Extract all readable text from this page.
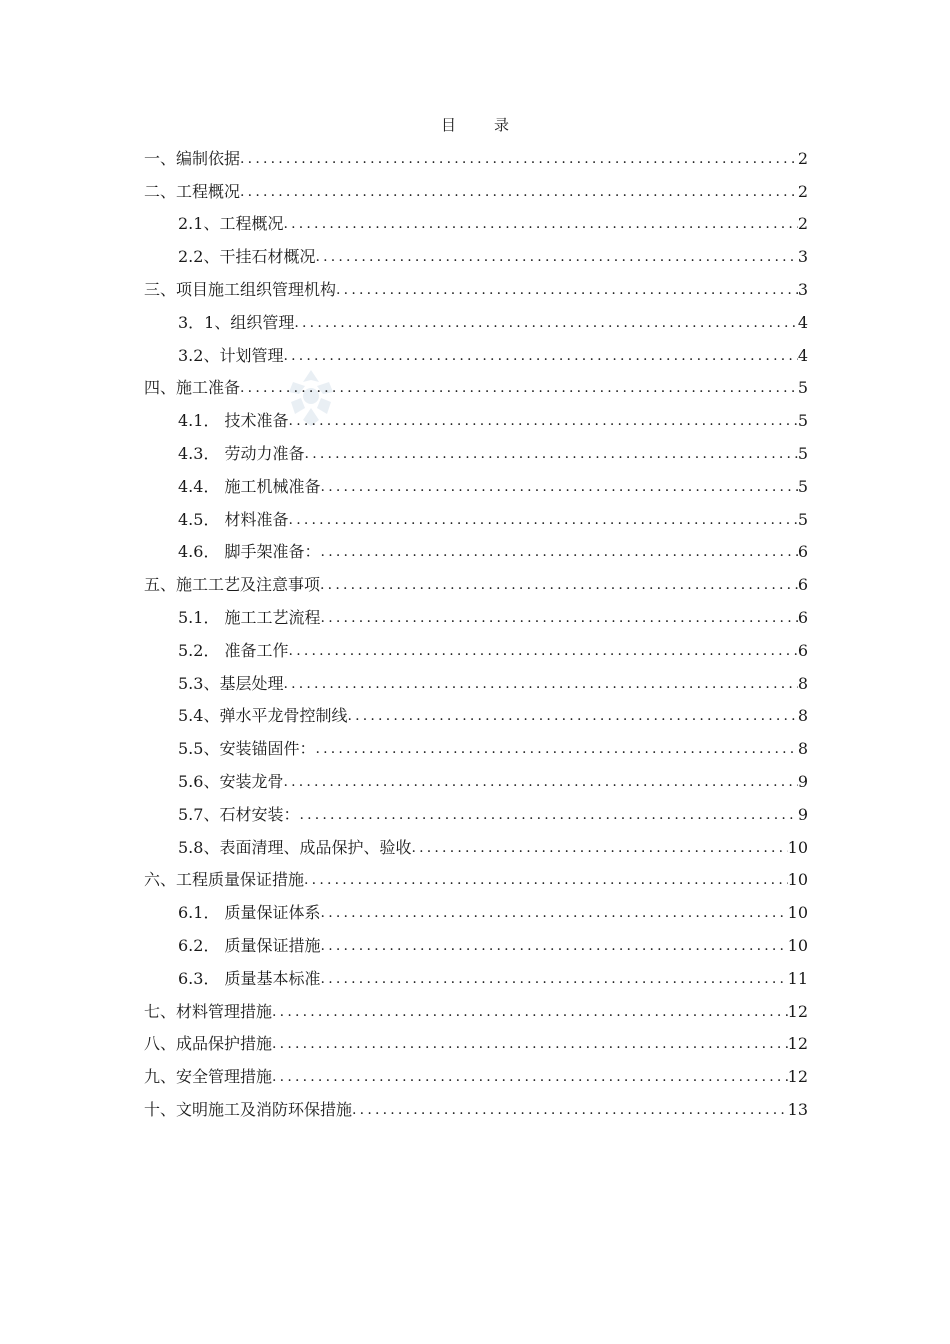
目	录
一、编制依据 .....	2
二、工程概况 .....	2
2.1、工程概况 .....	2
2.2、干挂石材概况 .....	3
三、项目施工组织管理机构 .....	3
3．1、组织管理 .....	4
3.2、计划管理 .....	4
四、施工准备 .....	5
4.1． 技术准备 .....	5
4.3． 劳动力准备 .....	5
4.4． 施工机械准备 .....	5
4.5． 材料准备 .....	5
4.6． 脚手架准备： .....	6
五、施工工艺及注意事项 .....	6
5.1． 施工工艺流程 .....	6
5.2． 准备工作 .....	6
5.3、基层处理 .....	8
5.4、弹水平龙骨控制线 .....	8
5.5、安装锚固件： .....	8
5.6、安装龙骨 .....	9
5.7、石材安装： .....	9
5.8、表面清理、成品保护、验收 .....	10
六、工程质量保证措施 .....	10
6.1． 质量保证体系 .....	10
6.2． 质量保证措施 .....	10
6.3． 质量基本标准 .....	11
七、材料管理措施 .....	12
八、成品保护措施 .....	12
九、安全管理措施 .....	12
十、文明施工及消防环保措施 .....	13
